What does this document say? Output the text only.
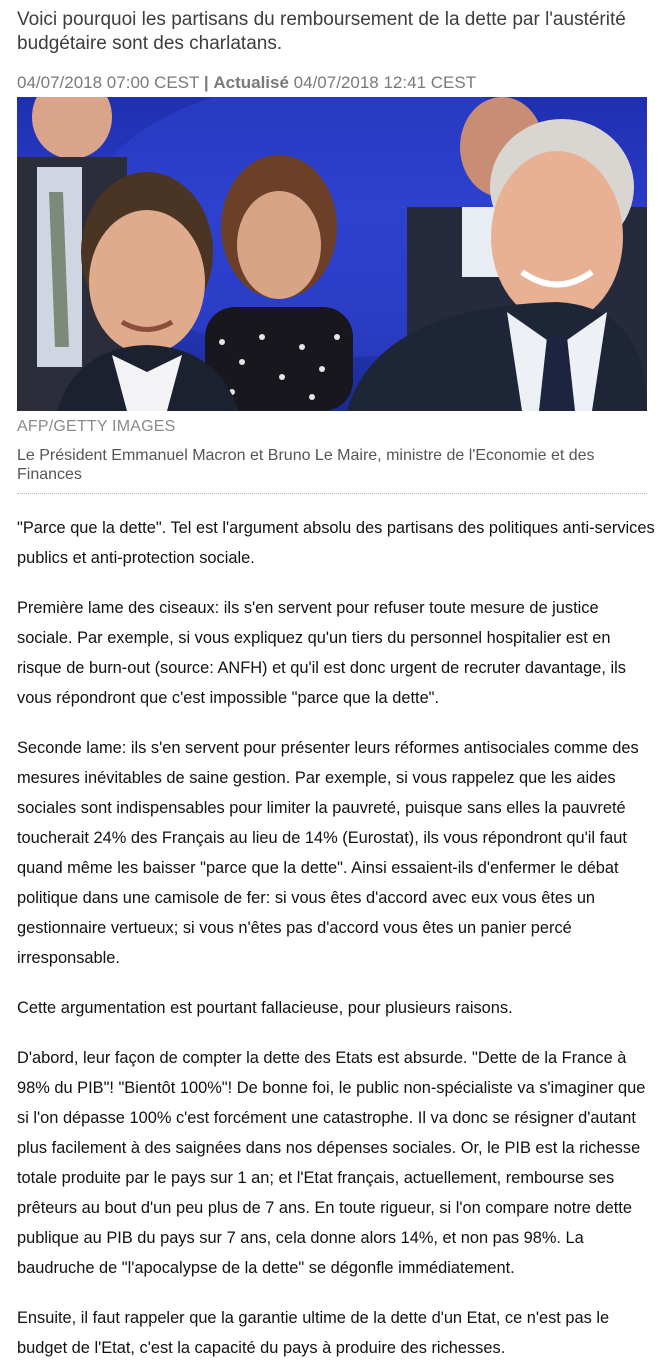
Voici pourquoi les partisans du remboursement de la dette par l'austérité budgétaire sont des charlatans.

04/07/2018 07:00 CEST | Actualisé 04/07/2018 12:41 CEST
AFP/GETTY IMAGES

Le Président Emmanuel Macron et Bruno Le Maire, ministre de l'Economie et des Finances

"Parce que la dette". Tel est l'argument absolu des partisans des politiques anti-services publics et anti-protection sociale.

Première lame des ciseaux: ils s'en servent pour refuser toute mesure de justice sociale. Par exemple, si vous expliquez qu'un tiers du personnel hospitalier est en risque de burn-out (source: ANFH) et qu'il est donc urgent de recruter davantage, ils vous répondront que c'est impossible "parce que la dette".

Seconde lame: ils s'en servent pour présenter leurs réformes antisociales comme des mesures inévitables de saine gestion. Par exemple, si vous rappelez que les aides sociales sont indispensables pour limiter la pauvreté, puisque sans elles la pauvreté toucherait 24% des Français au lieu de 14% (Eurostat), ils vous répondront qu'il faut quand même les baisser "parce que la dette". Ainsi essaient-ils d'enfermer le débat politique dans une camisole de fer: si vous êtes d'accord avec eux vous êtes un gestionnaire vertueux; si vous n'êtes pas d'accord vous êtes un panier percé irresponsable.

Cette argumentation est pourtant fallacieuse, pour plusieurs raisons.

D'abord, leur façon de compter la dette des Etats est absurde. "Dette de la France à 98% du PIB"! "Bientôt 100%"! De bonne foi, le public non-spécialiste va s'imaginer que si l'on dépasse 100% c'est forcément une catastrophe. Il va donc se résigner d'autant plus facilement à des saignées dans nos dépenses sociales. Or, le PIB est la richesse totale produite par le pays sur 1 an; et l'Etat français, actuellement, rembourse ses prêteurs au bout d'un peu plus de 7 ans. En toute rigueur, si l'on compare notre dette publique au PIB du pays sur 7 ans, cela donne alors 14%, et non pas 98%. La baudruche de "l'apocalypse de la dette" se dégonfle immédiatement.

Ensuite, il faut rappeler que la garantie ultime de la dette d'un Etat, ce n'est pas le budget de l'Etat, c'est la capacité du pays à produire des richesses.
